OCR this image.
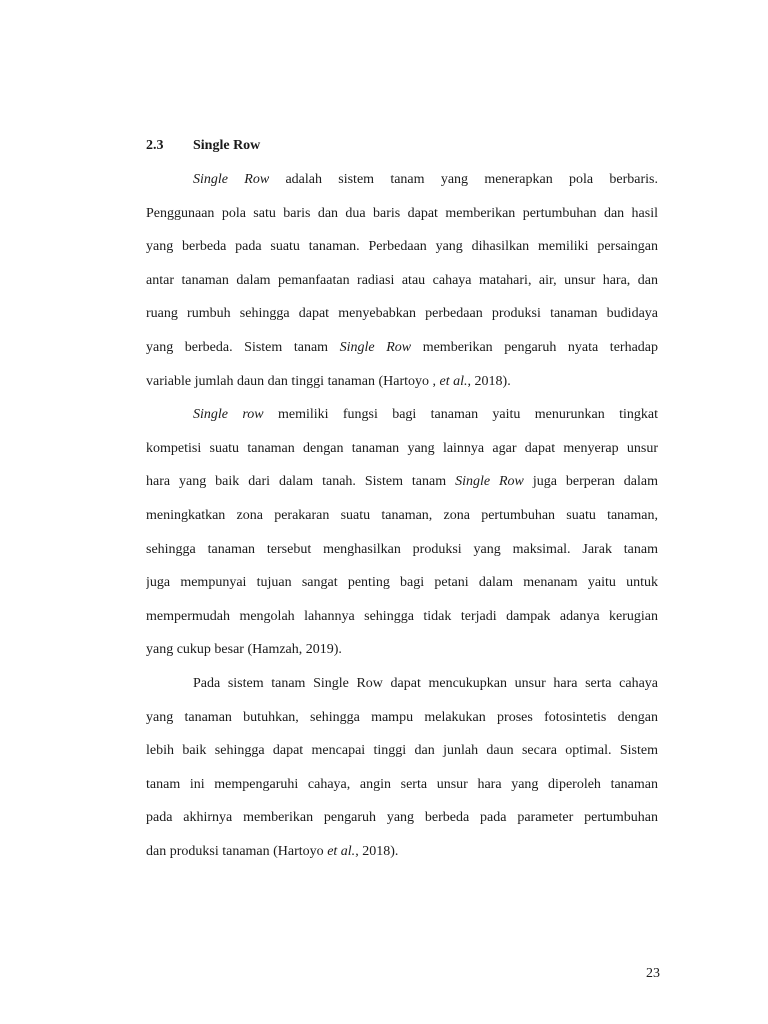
2.3 Single Row
Single Row adalah sistem tanam yang menerapkan pola berbaris.
Penggunaan pola satu baris dan dua baris dapat memberikan pertumbuhan dan hasil
yang berbeda pada suatu tanaman. Perbedaan yang dihasilkan memiliki persaingan
antar tanaman dalam pemanfaatan radiasi atau cahaya matahari, air, unsur hara, dan
ruang rumbuh sehingga dapat menyebabkan perbedaan produksi tanaman budidaya
yang berbeda. Sistem tanam Single Row memberikan pengaruh nyata terhadap
variable jumlah daun dan tinggi tanaman (Hartoyo , et al., 2018).
Single row memiliki fungsi bagi tanaman yaitu menurunkan tingkat
kompetisi suatu tanaman dengan tanaman yang lainnya agar dapat menyerap unsur
hara yang baik dari dalam tanah. Sistem tanam Single Row juga berperan dalam
meningkatkan zona perakaran suatu tanaman, zona pertumbuhan suatu tanaman,
sehingga tanaman tersebut menghasilkan produksi yang maksimal. Jarak tanam
juga mempunyai tujuan sangat penting bagi petani dalam menanam yaitu untuk
mempermudah mengolah lahannya sehingga tidak terjadi dampak adanya kerugian
yang cukup besar (Hamzah, 2019).
Pada sistem tanam Single Row dapat mencukupkan unsur hara serta cahaya
yang tanaman butuhkan, sehingga mampu melakukan proses fotosintetis dengan
lebih baik sehingga dapat mencapai tinggi dan junlah daun secara optimal. Sistem
tanam ini mempengaruhi cahaya, angin serta unsur hara yang diperoleh tanaman
pada akhirnya memberikan pengaruh yang berbeda pada parameter pertumbuhan
dan produksi tanaman (Hartoyo et al., 2018).
23
